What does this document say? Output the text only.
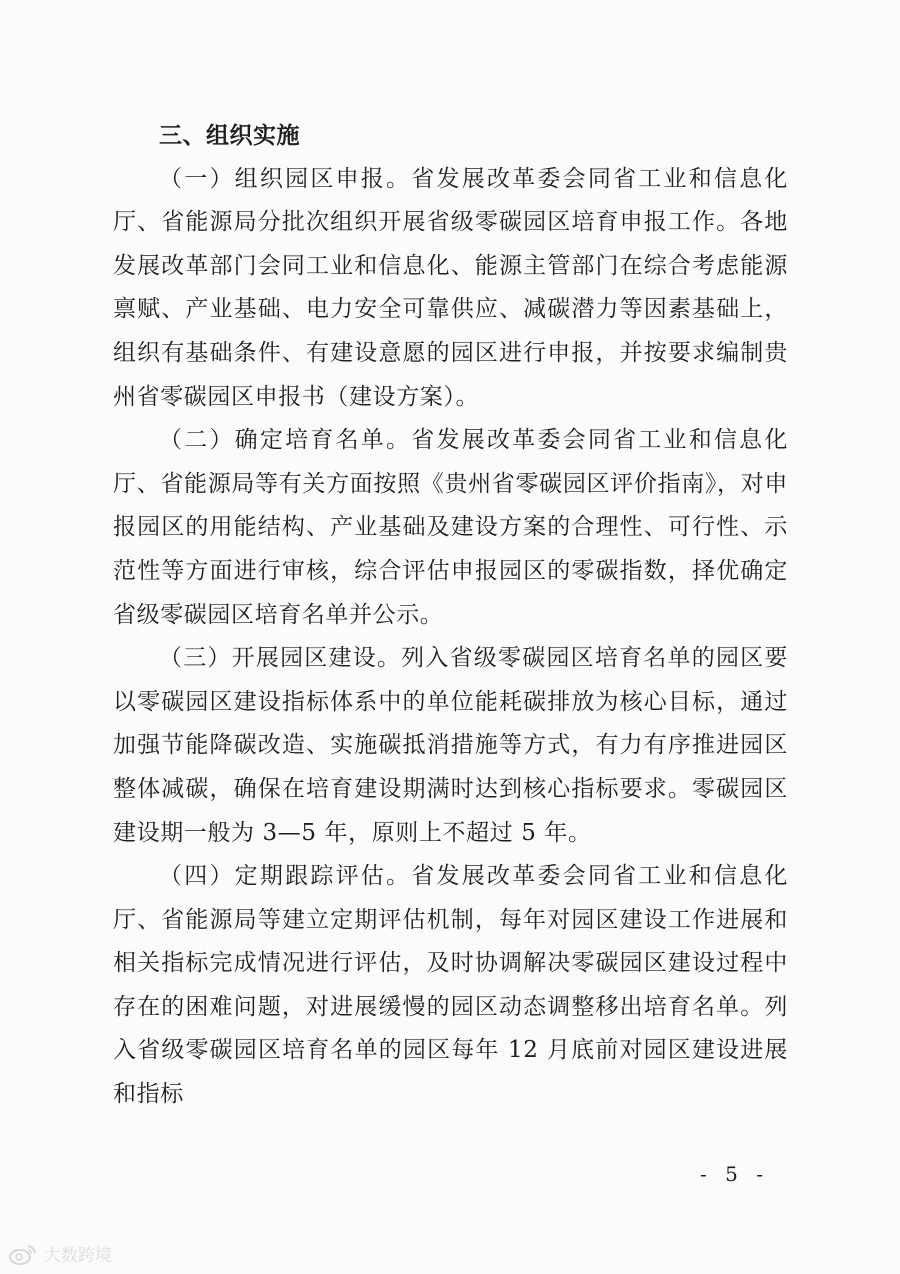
三、组织实施

（一）组织园区申报。省发展改革委会同省工业和信息化厅、省能源局分批次组织开展省级零碳园区培育申报工作。各地发展改革部门会同工业和信息化、能源主管部门在综合考虑能源禀赋、产业基础、电力安全可靠供应、减碳潜力等因素基础上，组织有基础条件、有建设意愿的园区进行申报，并按要求编制贵州省零碳园区申报书（建设方案）。

（二）确定培育名单。省发展改革委会同省工业和信息化厅、省能源局等有关方面按照《贵州省零碳园区评价指南》，对申报园区的用能结构、产业基础及建设方案的合理性、可行性、示范性等方面进行审核，综合评估申报园区的零碳指数，择优确定省级零碳园区培育名单并公示。

（三）开展园区建设。列入省级零碳园区培育名单的园区要以零碳园区建设指标体系中的单位能耗碳排放为核心目标，通过加强节能降碳改造、实施碳抵消措施等方式，有力有序推进园区整体减碳，确保在培育建设期满时达到核心指标要求。零碳园区建设期一般为 3—5 年，原则上不超过 5 年。

（四）定期跟踪评估。省发展改革委会同省工业和信息化厅、省能源局等建立定期评估机制，每年对园区建设工作进展和相关指标完成情况进行评估，及时协调解决零碳园区建设过程中存在的困难问题，对进展缓慢的园区动态调整移出培育名单。列入省级零碳园区培育名单的园区每年 12 月底前对园区建设进展和指标

- 5 -
大数跨境
